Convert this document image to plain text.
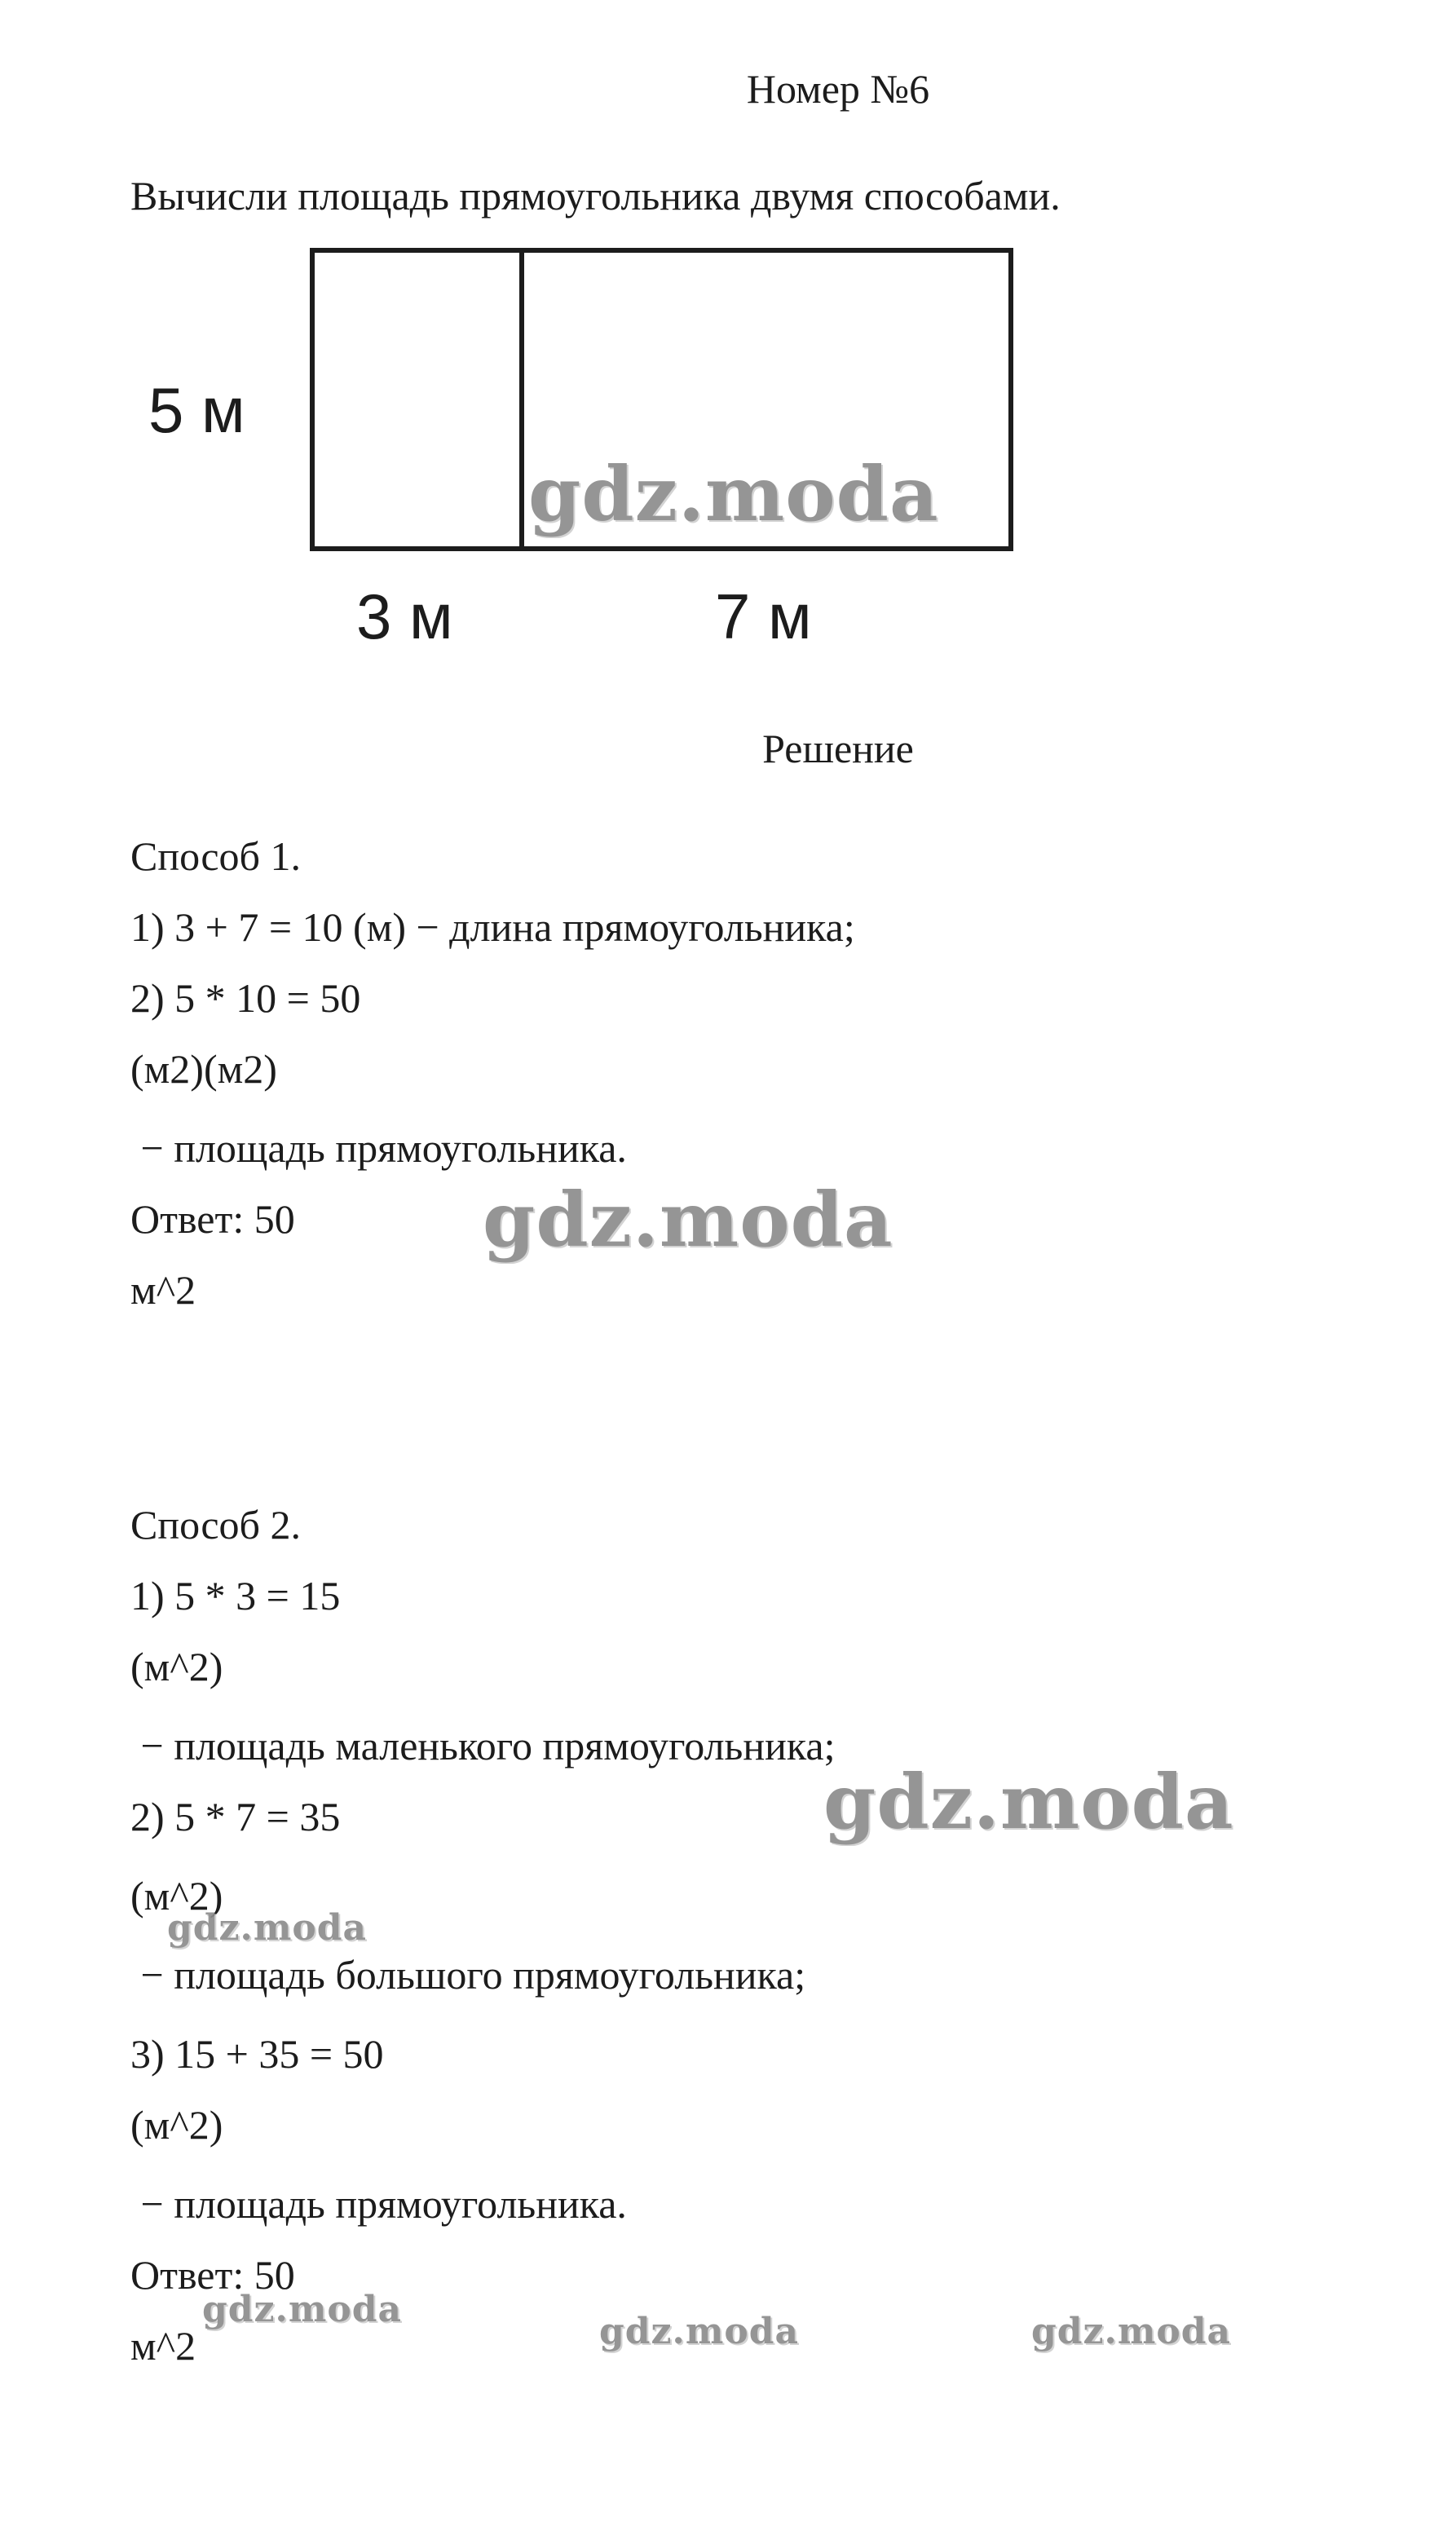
Номер №6

Вычисли площадь прямоугольника двумя способами.

5 м
3 м	7 м
Решение

Способ 1.

1) 3 + 7 = 10 (м) − длина прямоугольника;

2) 5 * 10 = 50

(м2)(м2)

− площадь прямоугольника.

Ответ: 50

м^2

Способ 2.

1) 5 * 3 = 15

(м^2)

− площадь маленького прямоугольника;

2) 5 * 7 = 35

(м^2)

− площадь большого прямоугольника;

3) 15 + 35 = 50

(м^2)

− площадь прямоугольника.

Ответ: 50

м^2

gdz.moda
gdz.moda
gdz.moda
gdz.moda
gdz.moda
gdz.moda	gdz.moda
